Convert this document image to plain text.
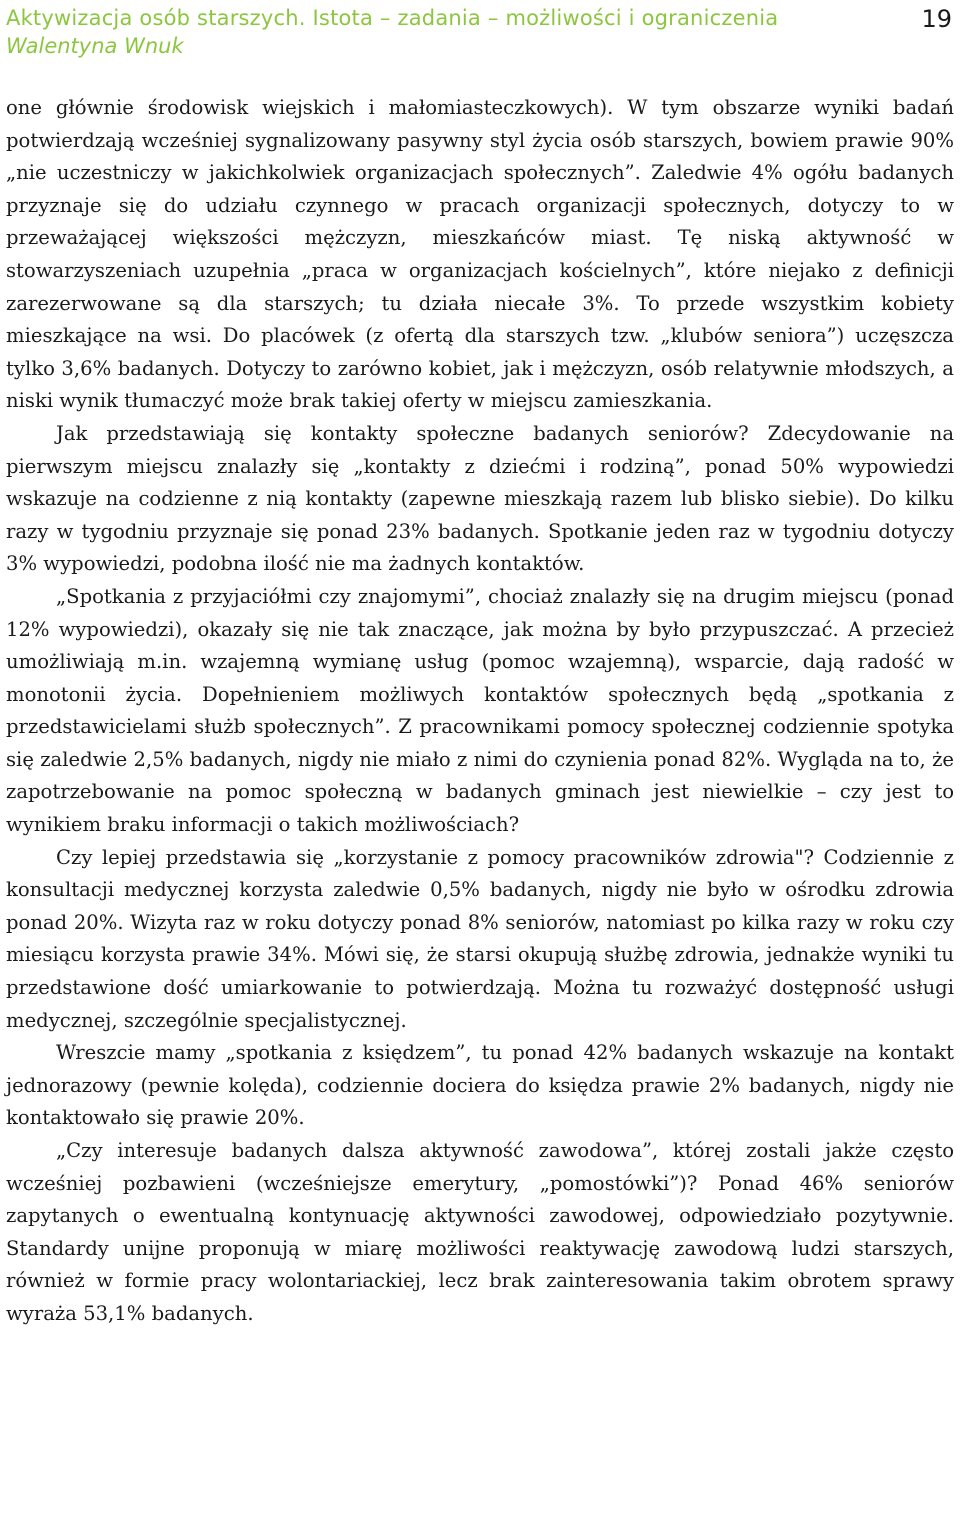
Aktywizacja osób starszych. Istota – zadania – możliwości i ograniczenia
Walentyna Wnuk
19

one głównie środowisk wiejskich i małomiasteczkowych). W tym obszarze wyniki badań potwierdzają wcześniej sygnalizowany pasywny styl życia osób starszych, bowiem prawie 90% „nie uczestniczy w jakichkolwiek organizacjach społecznych”. Zaledwie 4% ogółu badanych przyznaje się do udziału czynnego w pracach organizacji społecznych, dotyczy to w przeważającej większości mężczyzn, mieszkańców miast. Tę niską aktywność w stowarzyszeniach uzupełnia „praca w organizacjach kościelnych”, które niejako z definicji zarezerwowane są dla starszych; tu działa niecałe 3%. To przede wszystkim kobiety mieszkające na wsi. Do placówek (z ofertą dla starszych tzw. „klubów seniora”) uczęszcza tylko 3,6% badanych. Dotyczy to zarówno kobiet, jak i mężczyzn, osób relatywnie młodszych, a niski wynik tłumaczyć może brak takiej oferty w miejscu zamieszkania.

Jak przedstawiają się kontakty społeczne badanych seniorów? Zdecydowanie na pierwszym miejscu znalazły się „kontakty z dziećmi i rodziną”, ponad 50% wypowiedzi wskazuje na codzienne z nią kontakty (zapewne mieszkają razem lub blisko siebie). Do kilku razy w tygodniu przyznaje się ponad 23% badanych. Spotkanie jeden raz w tygodniu dotyczy 3% wypowiedzi, podobna ilość nie ma żadnych kontaktów.

„Spotkania z przyjaciółmi czy znajomymi”, chociaż znalazły się na drugim miejscu (ponad 12% wypowiedzi), okazały się nie tak znaczące, jak można by było przypuszczać. A przecież umożliwiają m.in. wzajemną wymianę usług (pomoc wzajemną), wsparcie, dają radość w monotonii życia. Dopełnieniem możliwych kontaktów społecznych będą „spotkania z przedstawicielami służb społecznych”. Z pracownikami pomocy społecznej codziennie spotyka się zaledwie 2,5% badanych, nigdy nie miało z nimi do czynienia ponad 82%. Wygląda na to, że zapotrzebowanie na pomoc społeczną w badanych gminach jest niewielkie – czy jest to wynikiem braku informacji o takich możliwościach?

Czy lepiej przedstawia się „korzystanie z pomocy pracowników zdrowia"? Codziennie z konsultacji medycznej korzysta zaledwie 0,5% badanych, nigdy nie było w ośrodku zdrowia ponad 20%. Wizyta raz w roku dotyczy ponad 8% seniorów, natomiast po kilka razy w roku czy miesiącu korzysta prawie 34%. Mówi się, że starsi okupują służbę zdrowia, jednakże wyniki tu przedstawione dość umiarkowanie to potwierdzają. Można tu rozważyć dostępność usługi medycznej, szczególnie specjalistycznej.

Wreszcie mamy „spotkania z księdzem”, tu ponad 42% badanych wskazuje na kontakt jednorazowy (pewnie kolęda), codziennie dociera do księdza prawie 2% badanych, nigdy nie kontaktowało się prawie 20%.

„Czy interesuje badanych dalsza aktywność zawodowa”, której zostali jakże często wcześniej pozbawieni (wcześniejsze emerytury, „pomostówki”)? Ponad 46% seniorów zapytanych o ewentualną kontynuację aktywności zawodowej, odpowiedziało pozytywnie. Standardy unijne proponują w miarę możliwości reaktywację zawodową ludzi starszych, również w formie pracy wolontariackiej, lecz brak zainteresowania takim obrotem sprawy wyraża 53,1% badanych.
